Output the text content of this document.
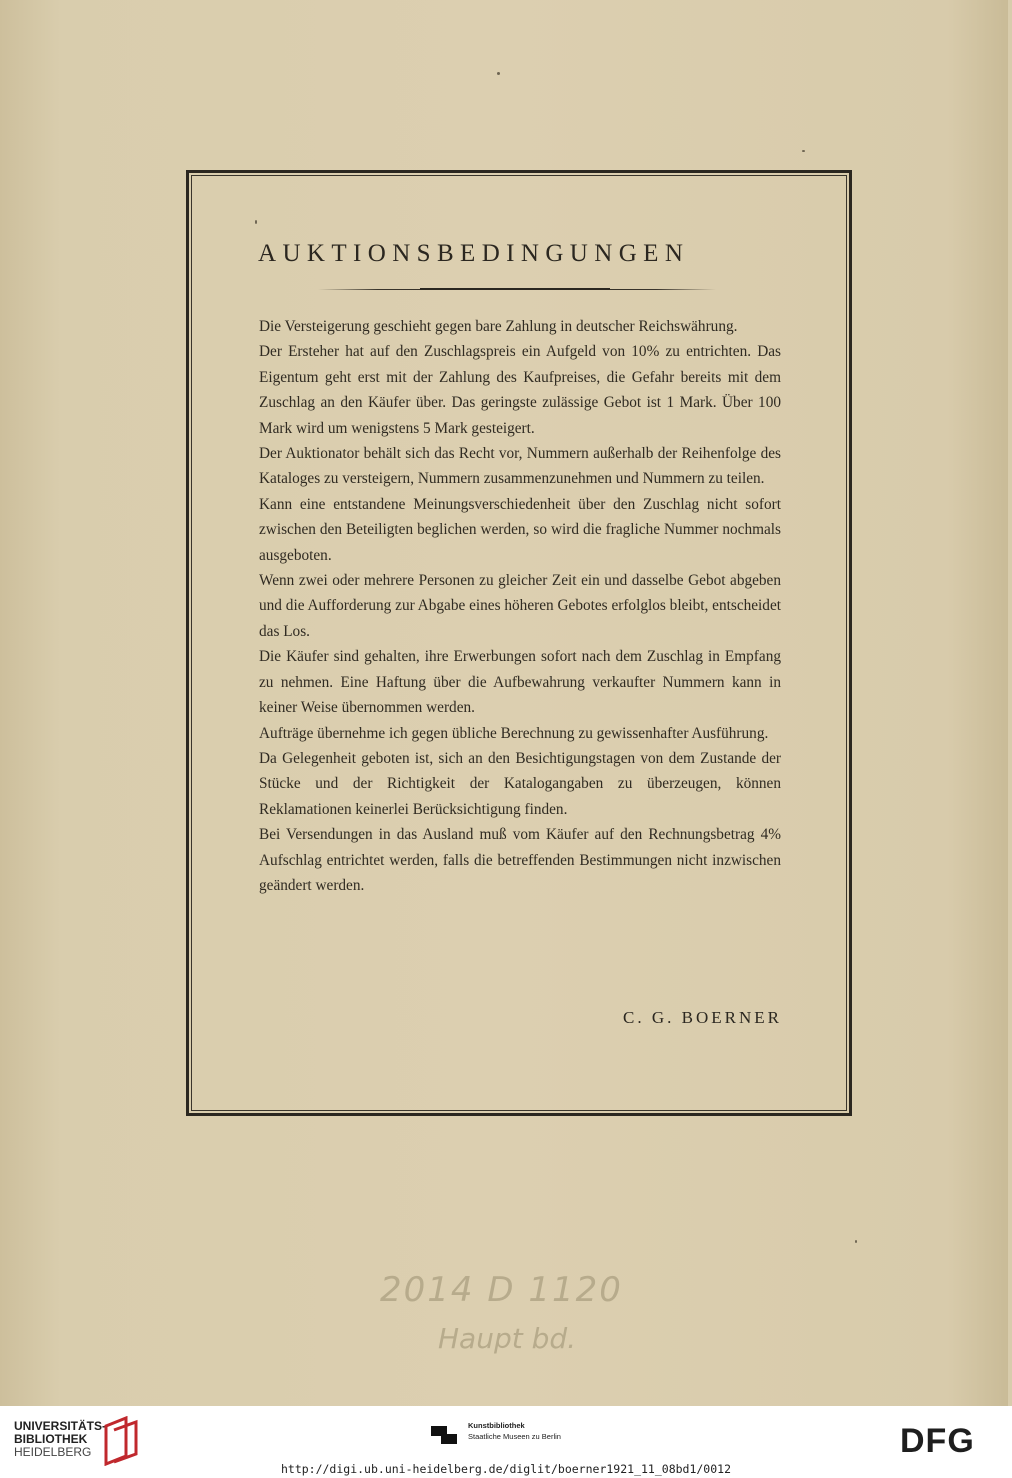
AUKTIONSBEDINGUNGEN

Die Versteigerung geschieht gegen bare Zahlung in deutscher Reichswährung.

Der Ersteher hat auf den Zuschlagspreis ein Aufgeld von 10% zu entrichten. Das Eigentum geht erst mit der Zahlung des Kaufpreises, die Gefahr bereits mit dem Zuschlag an den Käufer über. Das geringste zulässige Gebot ist 1 Mark. Über 100 Mark wird um wenigstens 5 Mark gesteigert.

Der Auktionator behält sich das Recht vor, Nummern außerhalb der Reihenfolge des Kataloges zu versteigern, Nummern zusammenzunehmen und Nummern zu teilen.

Kann eine entstandene Meinungsverschiedenheit über den Zuschlag nicht sofort zwischen den Beteiligten beglichen werden, so wird die fragliche Nummer nochmals ausgeboten.

Wenn zwei oder mehrere Personen zu gleicher Zeit ein und dasselbe Gebot abgeben und die Aufforderung zur Abgabe eines höheren Gebotes erfolglos bleibt, entscheidet das Los.

Die Käufer sind gehalten, ihre Erwerbungen sofort nach dem Zuschlag in Empfang zu nehmen. Eine Haftung über die Aufbewahrung verkaufter Nummern kann in keiner Weise übernommen werden.

Aufträge übernehme ich gegen übliche Berechnung zu gewissenhafter Ausführung.

Da Gelegenheit geboten ist, sich an den Besichtigungstagen von dem Zustande der Stücke und der Richtigkeit der Katalogangaben zu überzeugen, können Reklamationen keinerlei Berücksichtigung finden.

Bei Versendungen in das Ausland muß vom Käufer auf den Rechnungsbetrag 4% Aufschlag entrichtet werden, falls die betreffenden Bestimmungen nicht inzwischen geändert werden.

C. G. BOERNER
2014 D 1120
Haupt bd.
UNIVERSITÄTS-
BIBLIOTHEK
HEIDELBERG
Kunstbibliothek
Staatliche Museen zu Berlin	DFG
http://digi.ub.uni-heidelberg.de/diglit/boerner1921_11_08bd1/0012
